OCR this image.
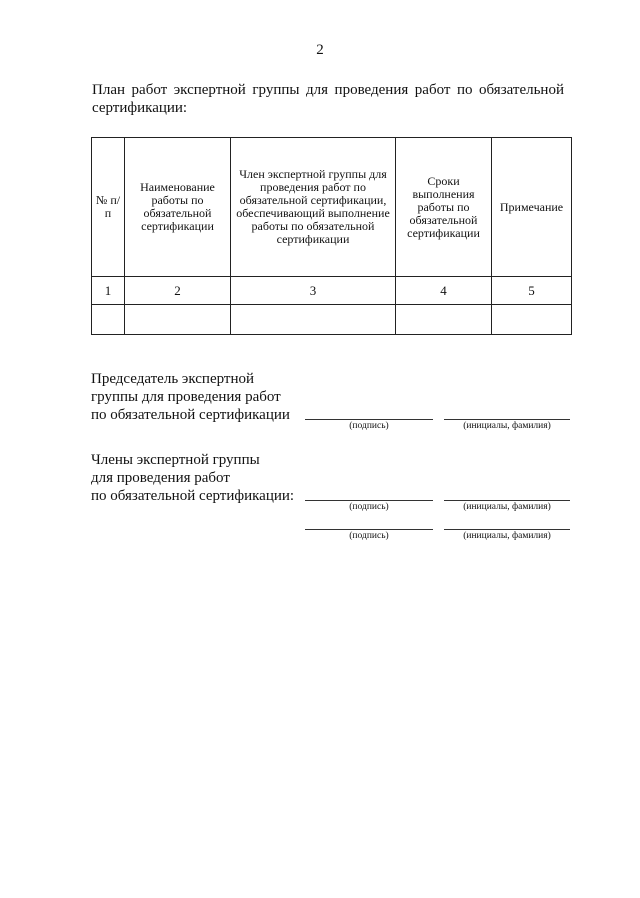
2
План работ экспертной группы для проведения работ по обязательной
сертификации:
№ п/п	Наименование работы по обязательной сертификации	Член экспертной группы для проведения работ по обязательной сертификации, обеспечивающий выполнение работы по обязательной сертификации	Сроки выполнения работы по обязательной сертификации	Примечание
1	2	3	4	5

Председатель экспертной
группы для проведения работ
по обязательной сертификации
(подпись)	(инициалы, фамилия)
Члены экспертной группы
для проведения работ
по обязательной сертификации:
(подпись)	(инициалы, фамилия)
(подпись)	(инициалы, фамилия)
